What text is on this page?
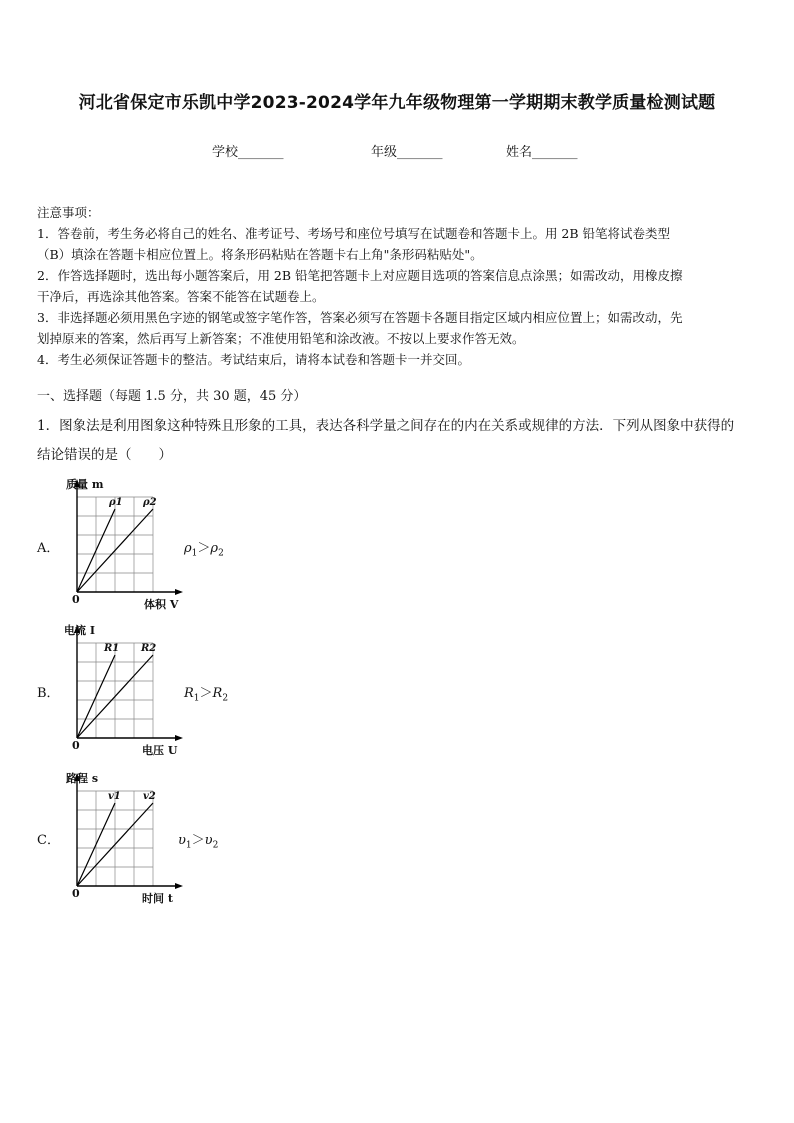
河北省保定市乐凯中学2023-2024学年九年级物理第一学期期末教学质量检测试题
学校_______	年级_______	姓名_______
注意事项：
1．答卷前，考生务必将自己的姓名、准考证号、考场号和座位号填写在试题卷和答题卡上。用 2B 铅笔将试卷类型
（B）填涂在答题卡相应位置上。将条形码粘贴在答题卡右上角"条形码粘贴处"。
2．作答选择题时，选出每小题答案后，用 2B 铅笔把答题卡上对应题目选项的答案信息点涂黑；如需改动，用橡皮擦
干净后，再选涂其他答案。答案不能答在试题卷上。
3．非选择题必须用黑色字迹的钢笔或签字笔作答，答案必须写在答题卡各题目指定区域内相应位置上；如需改动，先
划掉原来的答案，然后再写上新答案；不准使用铅笔和涂改液。不按以上要求作答无效。
4．考生必须保证答题卡的整洁。考试结束后，请将本试卷和答题卡一并交回。
一、选择题（每题 1.5 分，共 30 题，45 分）
1．图象法是利用图象这种特殊且形象的工具，表达各科学量之间存在的内在关系或规律的方法．下列从图象中获得的
结论错误的是（　　）
A．
质量 m
体积 V
0
ρ1 ρ2
$\rho_1>\rho_2$
B．
电流 I
电压 U
0
R1 R2
$R_1>R_2$
C．
路程 s
时间 t
0
v1 v2
$\upsilon_1>\upsilon_2$
